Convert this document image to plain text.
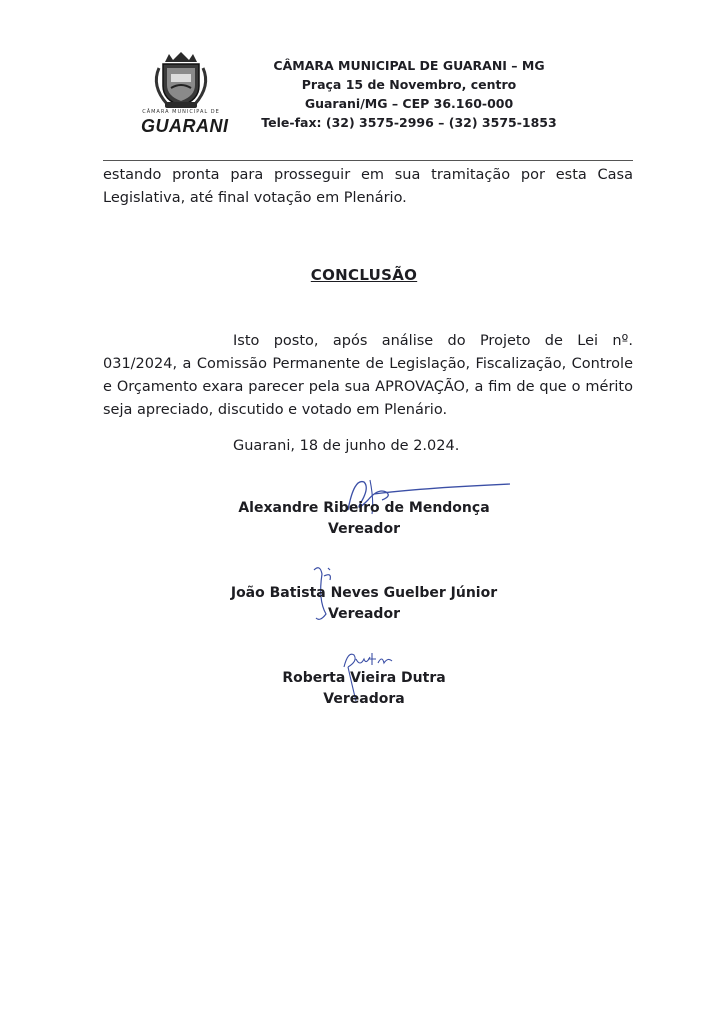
CÂMARA MUNICIPAL DE
GUARANI
CÂMARA MUNICIPAL DE GUARANI – MG
Praça 15 de Novembro, centro
Guarani/MG – CEP 36.160-000
Tele-fax: (32) 3575-2996 – (32) 3575-1853
estando pronta para prosseguir em sua tramitação por esta Casa Legislativa, até final votação em Plenário.
CONCLUSÃO
Isto posto, após análise do Projeto de Lei nº. 031/2024, a Comissão Permanente de Legislação, Fiscalização, Controle e Orçamento exara parecer pela sua APROVAÇÃO, a fim de que o mérito seja apreciado, discutido e votado em Plenário.
Guarani, 18 de junho de 2.024.
Alexandre Ribeiro de Mendonça
Vereador
João Batista Neves Guelber Júnior
Vereador
Roberta Vieira Dutra
Vereadora
